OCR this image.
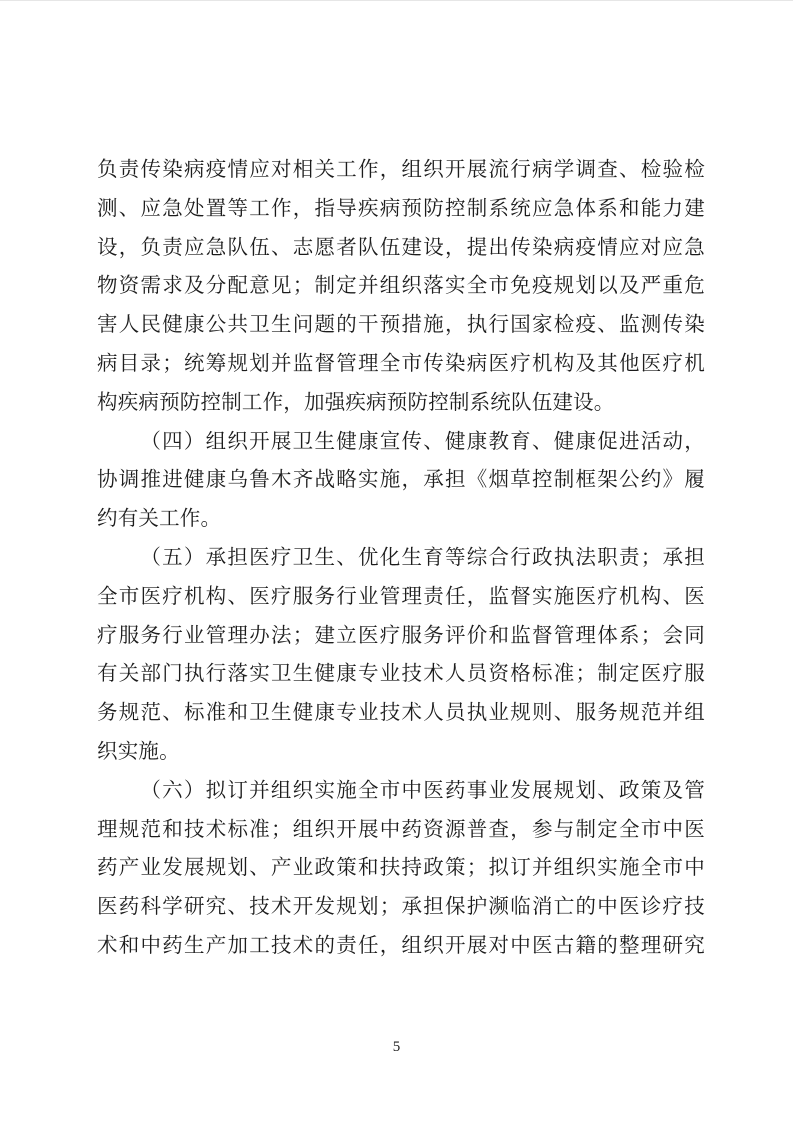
负责传染病疫情应对相关工作，组织开展流行病学调查、检验检
测、应急处置等工作，指导疾病预防控制系统应急体系和能力建
设，负责应急队伍、志愿者队伍建设，提出传染病疫情应对应急
物资需求及分配意见；制定并组织落实全市免疫规划以及严重危
害人民健康公共卫生问题的干预措施，执行国家检疫、监测传染
病目录；统筹规划并监督管理全市传染病医疗机构及其他医疗机
构疾病预防控制工作，加强疾病预防控制系统队伍建设。
（四）组织开展卫生健康宣传、健康教育、健康促进活动，
协调推进健康乌鲁木齐战略实施，承担《烟草控制框架公约》履
约有关工作。
（五）承担医疗卫生、优化生育等综合行政执法职责；承担
全市医疗机构、医疗服务行业管理责任，监督实施医疗机构、医
疗服务行业管理办法；建立医疗服务评价和监督管理体系；会同
有关部门执行落实卫生健康专业技术人员资格标准；制定医疗服
务规范、标准和卫生健康专业技术人员执业规则、服务规范并组
织实施。
（六）拟订并组织实施全市中医药事业发展规划、政策及管
理规范和技术标准；组织开展中药资源普查，参与制定全市中医
药产业发展规划、产业政策和扶持政策；拟订并组织实施全市中
医药科学研究、技术开发规划；承担保护濒临消亡的中医诊疗技
术和中药生产加工技术的责任，组织开展对中医古籍的整理研究
5
